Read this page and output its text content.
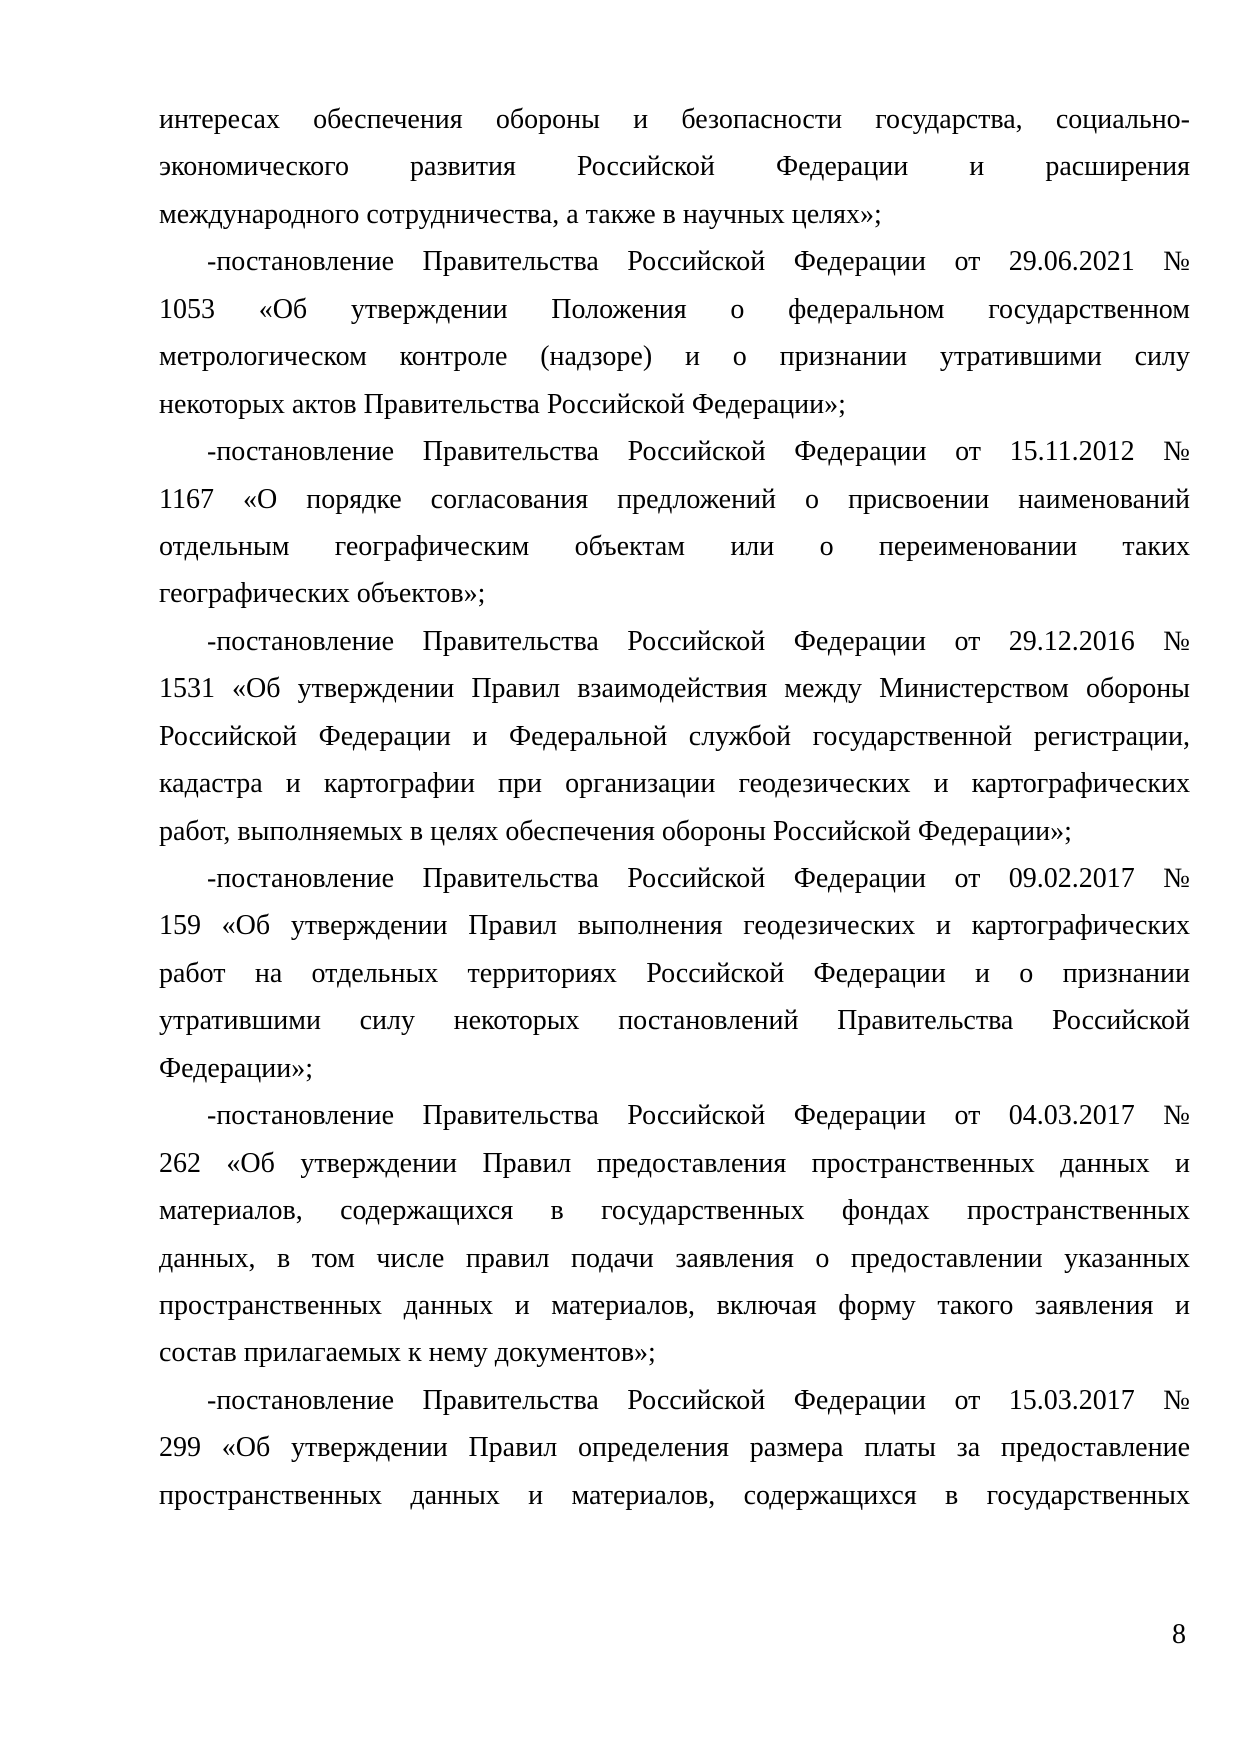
интересах обеспечения обороны и безопасности государства, социально-
экономического развития Российской Федерации и расширения
международного сотрудничества, а также в научных целях»;
-постановление Правительства Российской Федерации от 29.06.2021 №
1053 «Об утверждении Положения о федеральном государственном
метрологическом контроле (надзоре) и о признании утратившими силу
некоторых актов Правительства Российской Федерации»;
-постановление Правительства Российской Федерации от 15.11.2012 №
1167 «О порядке согласования предложений о присвоении наименований
отдельным географическим объектам или о переименовании таких
географических объектов»;
-постановление Правительства Российской Федерации от 29.12.2016 №
1531 «Об утверждении Правил взаимодействия между Министерством обороны
Российской Федерации и Федеральной службой государственной регистрации,
кадастра и картографии при организации геодезических и картографических
работ, выполняемых в целях обеспечения обороны Российской Федерации»;
-постановление Правительства Российской Федерации от 09.02.2017 №
159 «Об утверждении Правил выполнения геодезических и картографических
работ на отдельных территориях Российской Федерации и о признании
утратившими силу некоторых постановлений Правительства Российской
Федерации»;
-постановление Правительства Российской Федерации от 04.03.2017 №
262 «Об утверждении Правил предоставления пространственных данных и
материалов, содержащихся в государственных фондах пространственных
данных, в том числе правил подачи заявления о предоставлении указанных
пространственных данных и материалов, включая форму такого заявления и
состав прилагаемых к нему документов»;
-постановление Правительства Российской Федерации от 15.03.2017 №
299 «Об утверждении Правил определения размера платы за предоставление
пространственных данных и материалов, содержащихся в государственных
8
